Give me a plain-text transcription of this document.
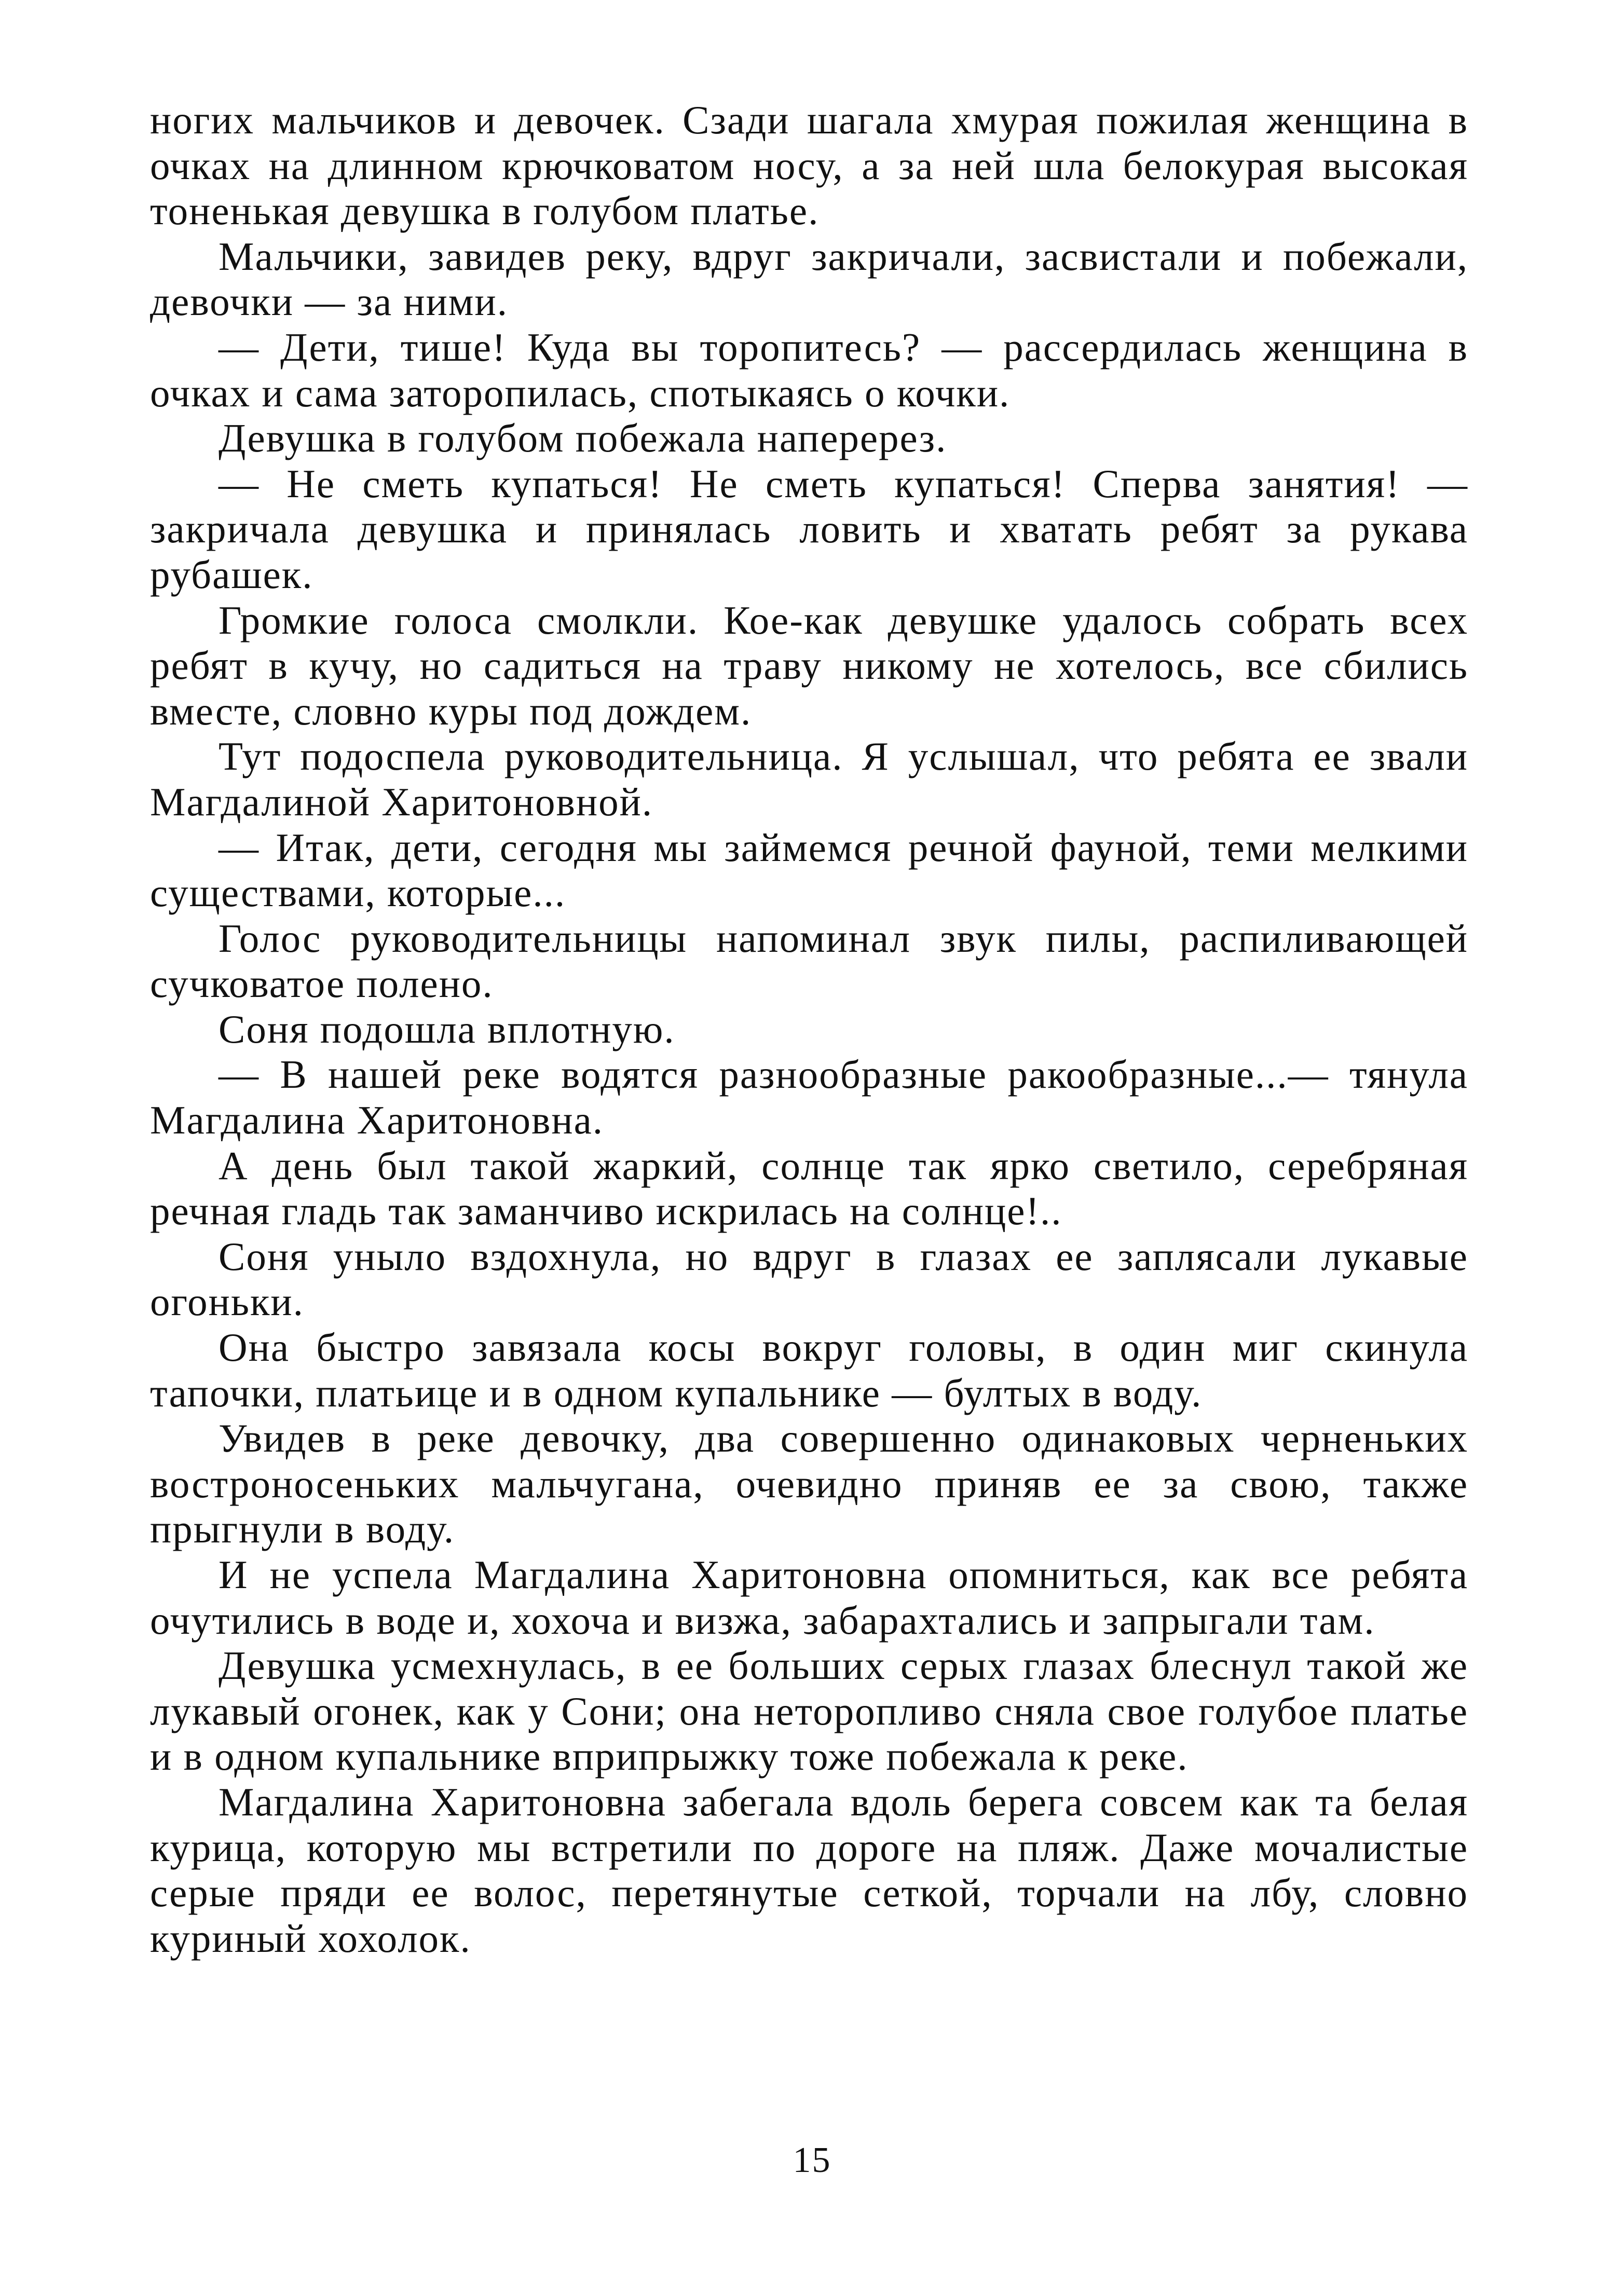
ногих мальчиков и девочек. Сзади шагала хмурая пожилая женщина в очках на длинном крючковатом носу, а за ней шла белокурая высокая тоненькая девушка в голубом платье.

Мальчики, завидев реку, вдруг закричали, засвистали и побежали, девочки — за ними.

— Дети, тише! Куда вы торопитесь? — рассердилась женщина в очках и сама заторопилась, спотыкаясь о кочки.

Девушка в голубом побежала наперерез.

— Не сметь купаться! Не сметь купаться! Сперва занятия! — закричала девушка и принялась ловить и хватать ребят за рукава рубашек.

Громкие голоса смолкли. Кое-как девушке удалось собрать всех ребят в кучу, но садиться на траву никому не хотелось, все сбились вместе, словно куры под дождем.

Тут подоспела руководительница. Я услышал, что ребята ее звали Магдалиной Харитоновной.

— Итак, дети, сегодня мы займемся речной фауной, теми мелкими существами, которые...

Голос руководительницы напоминал звук пилы, распиливающей сучковатое полено.

Соня подошла вплотную.

— В нашей реке водятся разнообразные ракообразные...— тянула Магдалина Харитоновна.

А день был такой жаркий, солнце так ярко светило, серебряная речная гладь так заманчиво искрилась на солнце!..

Соня уныло вздохнула, но вдруг в глазах ее заплясали лукавые огоньки.

Она быстро завязала косы вокруг головы, в один миг скинула тапочки, платьице и в одном купальнике — бултых в воду.

Увидев в реке девочку, два совершенно одинаковых черненьких востроносеньких мальчугана, очевидно приняв ее за свою, также прыгнули в воду.

И не успела Магдалина Харитоновна опомниться, как все ребята очутились в воде и, хохоча и визжа, забарахтались и запрыгали там.

Девушка усмехнулась, в ее больших серых глазах блеснул такой же лукавый огонек, как у Сони; она неторопливо сняла свое голубое платье и в одном купальнике вприпрыжку тоже побежала к реке.

Магдалина Харитоновна забегала вдоль берега совсем как та белая курица, которую мы встретили по дороге на пляж. Даже мочалистые серые пряди ее волос, перетянутые сеткой, торчали на лбу, словно куриный хохолок.

15
